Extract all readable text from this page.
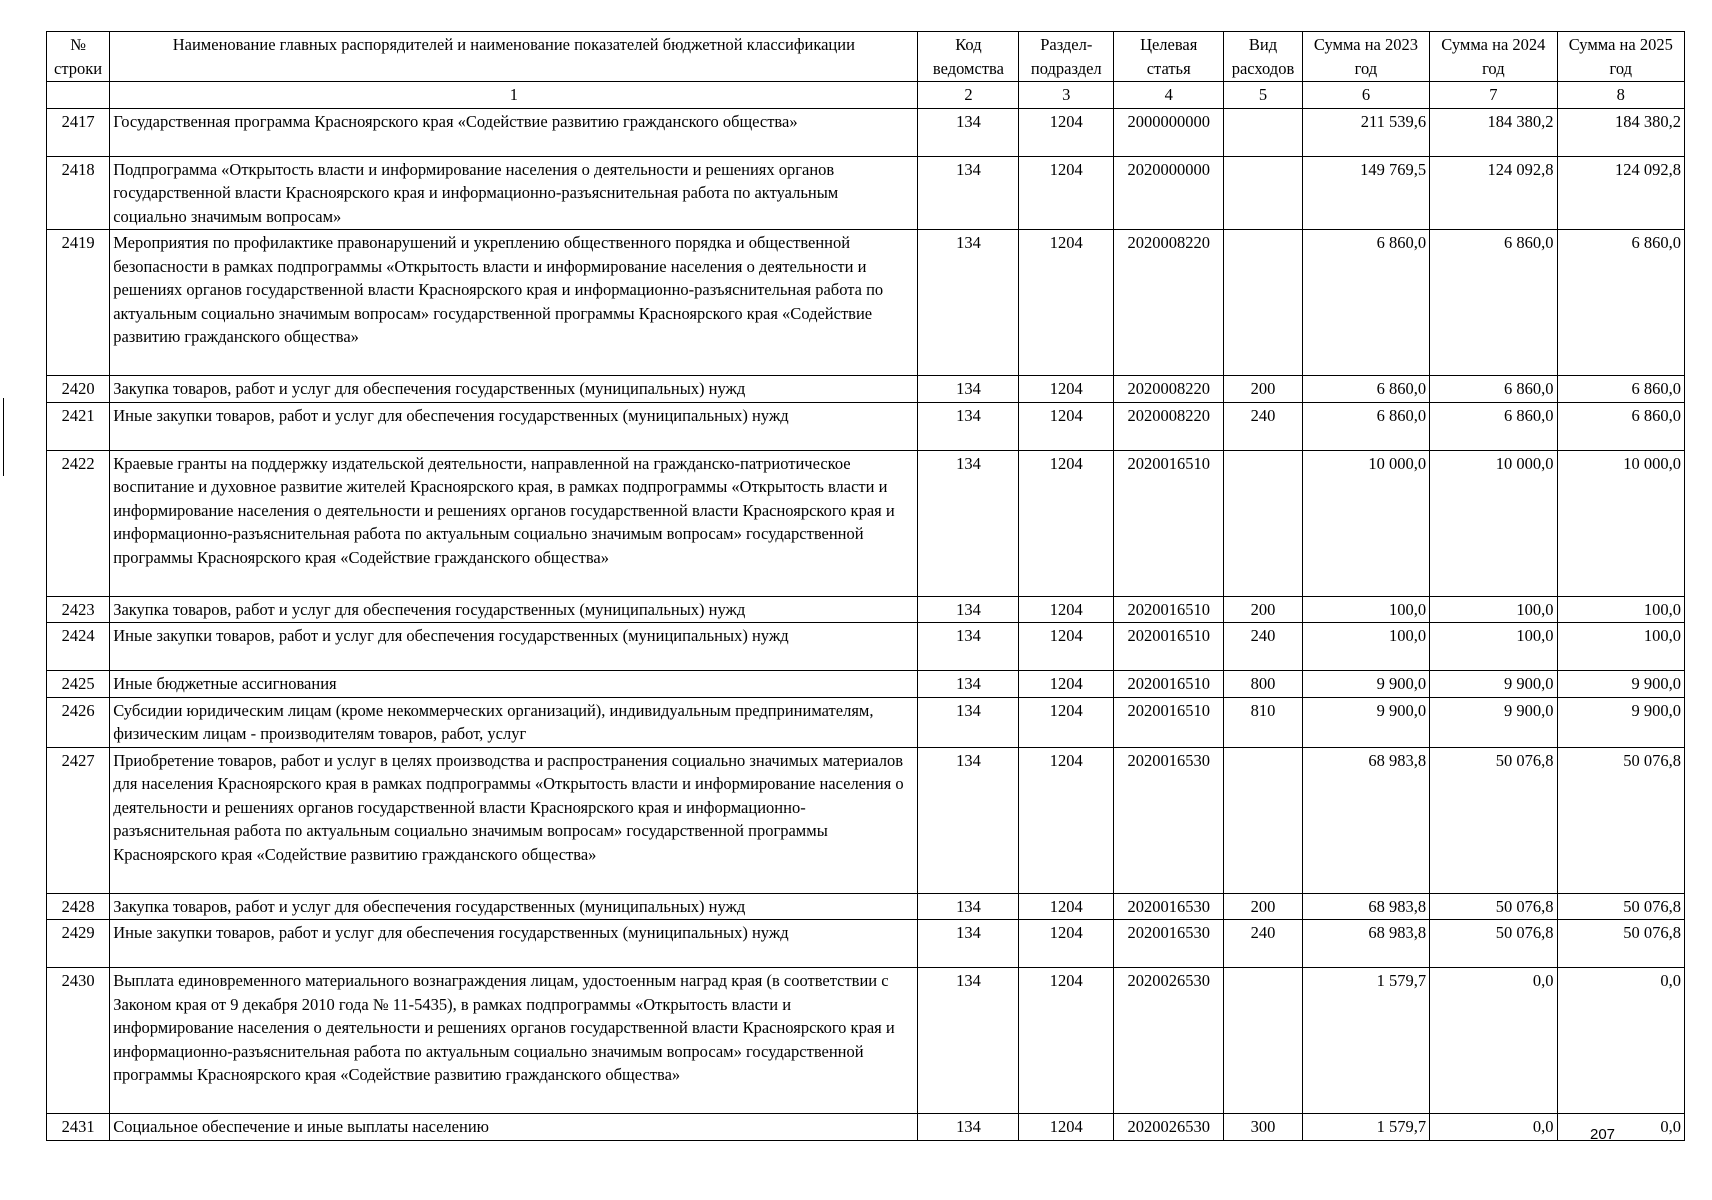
№ строки	Наименование главных распорядителей и наименование показателей бюджетной классификации	Код ведомства	Раздел-подраздел	Целевая статья	Вид расходов	Сумма на 2023 год	Сумма на 2024 год	Сумма на 2025 год
	1	2	3	4	5	6	7	8
2417	Государственная программа Красноярского края «Содействие развитию гражданского общества»	134	1204	2000000000		211 539,6	184 380,2	184 380,2
2418	Подпрограмма «Открытость власти и информирование населения о деятельности и решениях органов государственной власти Красноярского края и информационно-разъяснительная работа по актуальным социально значимым вопросам»	134	1204	2020000000		149 769,5	124 092,8	124 092,8
2419	Мероприятия по профилактике правонарушений и укреплению общественного порядка и общественной безопасности в рамках подпрограммы «Открытость власти и информирование населения о деятельности и решениях органов государственной власти Красноярского края и информационно-разъяснительная работа по актуальным социально значимым вопросам» государственной программы Красноярского края «Содействие развитию гражданского общества»	134	1204	2020008220		6 860,0	6 860,0	6 860,0
2420	Закупка товаров, работ и услуг для обеспечения государственных (муниципальных) нужд	134	1204	2020008220	200	6 860,0	6 860,0	6 860,0
2421	Иные закупки товаров, работ и услуг для обеспечения государственных (муниципальных) нужд	134	1204	2020008220	240	6 860,0	6 860,0	6 860,0
2422	Краевые гранты на поддержку издательской деятельности, направленной на гражданско-патриотическое воспитание и духовное развитие жителей Красноярского края, в рамках подпрограммы «Открытость власти и информирование населения о деятельности и решениях органов государственной власти Красноярского края и информационно-разъяснительная работа по актуальным социально значимым вопросам» государственной программы Красноярского края «Содействие гражданского общества»	134	1204	2020016510		10 000,0	10 000,0	10 000,0
2423	Закупка товаров, работ и услуг для обеспечения государственных (муниципальных) нужд	134	1204	2020016510	200	100,0	100,0	100,0
2424	Иные закупки товаров, работ и услуг для обеспечения государственных (муниципальных) нужд	134	1204	2020016510	240	100,0	100,0	100,0
2425	Иные бюджетные ассигнования	134	1204	2020016510	800	9 900,0	9 900,0	9 900,0
2426	Субсидии юридическим лицам (кроме некоммерческих организаций), индивидуальным предпринимателям, физическим лицам - производителям товаров, работ, услуг	134	1204	2020016510	810	9 900,0	9 900,0	9 900,0
2427	Приобретение товаров, работ и услуг в целях производства и распространения социально значимых материалов для населения Красноярского края в рамках подпрограммы «Открытость власти и информирование населения о деятельности и решениях органов государственной власти Красноярского края и информационно-разъяснительная работа по актуальным социально значимым вопросам» государственной программы Красноярского края «Содействие развитию гражданского общества»	134	1204	2020016530		68 983,8	50 076,8	50 076,8
2428	Закупка товаров, работ и услуг для обеспечения государственных (муниципальных) нужд	134	1204	2020016530	200	68 983,8	50 076,8	50 076,8
2429	Иные закупки товаров, работ и услуг для обеспечения государственных (муниципальных) нужд	134	1204	2020016530	240	68 983,8	50 076,8	50 076,8
2430	Выплата единовременного материального вознаграждения лицам, удостоенным наград края (в соответствии с Законом края от 9 декабря 2010 года № 11-5435), в рамках подпрограммы «Открытость власти и информирование населения о деятельности и решениях органов государственной власти Красноярского края и информационно-разъяснительная работа по актуальным социально значимым вопросам» государственной программы Красноярского края «Содействие развитию гражданского общества»	134	1204	2020026530		1 579,7	0,0	0,0
2431	Социальное обеспечение и иные выплаты населению	134	1204	2020026530	300	1 579,7	0,0	0,0
207
